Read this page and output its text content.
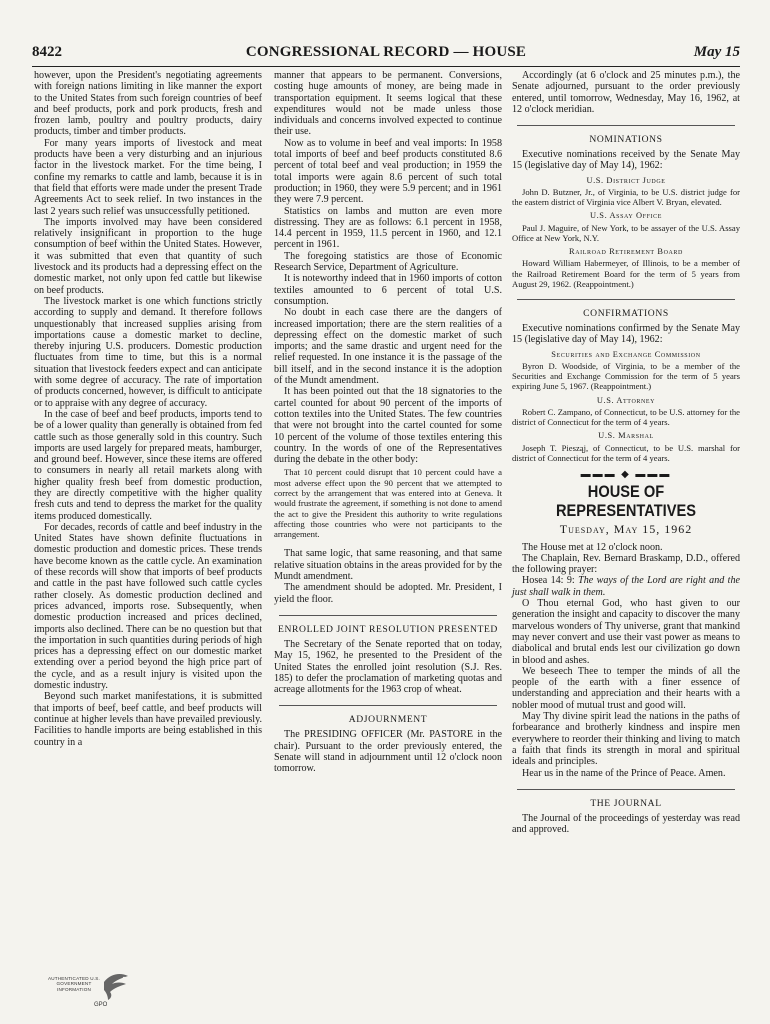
8422	CONGRESSIONAL RECORD — HOUSE	May 15

however, upon the President's negotiating agreements with foreign nations limiting in like manner the export to the United States from such foreign countries of beef and beef products, pork and pork products, fresh and frozen lamb, poultry and poultry products, dairy products, timber and timber products.

For many years imports of livestock and meat products have been a very disturbing and an injurious factor in the livestock market. For the time being, I confine my remarks to cattle and lamb, because it is in that field that efforts were made under the present Trade Agreements Act to seek relief. In two instances in the last 2 years such relief was unsuccessfully petitioned.

The imports involved may have been considered relatively insignificant in proportion to the huge consumption of beef within the United States. However, it was submitted that even that quantity of such livestock and its products had a depressing effect on the domestic market, not only upon fed cattle but likewise on beef products.

The livestock market is one which functions strictly according to supply and demand. It therefore follows unquestionably that increased supplies arising from importations cause a domestic market to decline, thereby injuring U.S. producers. Domestic production fluctuates from time to time, but this is a normal situation that livestock feeders expect and can anticipate with some degree of accuracy. The rate of importation of products concerned, however, is difficult to anticipate or to appraise with any degree of accuracy.

In the case of beef and beef products, imports tend to be of a lower quality than generally is obtained from fed cattle such as those generally sold in this country. Such imports are used largely for prepared meats, hamburger, and ground beef. However, since these items are offered to consumers in nearly all retail markets along with higher quality fresh beef from domestic production, they are directly competitive with the higher quality fresh cuts and tend to depress the market for the quality items produced domestically.

For decades, records of cattle and beef industry in the United States have shown definite fluctuations in domestic production and domestic prices. These trends have become known as the cattle cycle. An examination of these records will show that imports of beef products and cattle in the past have followed such cattle cycles rather closely. As domestic production declined and prices advanced, imports rose. Subsequently, when domestic production increased and prices declined, imports also declined. There can be no question but that the importation in such quantities during periods of high prices has a depressing effect on our domestic market extending over a period beyond the high price part of the cycle, and as a result injury is visited upon the domestic industry.

Beyond such market manifestations, it is submitted that imports of beef, beef cattle, and beef products will continue at higher levels than have prevailed previously. Facilities to handle imports are being established in this country in a

manner that appears to be permanent. Conversions, costing huge amounts of money, are being made in transportation equipment. It seems logical that these expenditures would not be made unless those individuals and concerns involved expected to continue their use.

Now as to volume in beef and veal imports: In 1958 total imports of beef and beef products constituted 8.6 percent of total beef and veal production; in 1959 the total imports were again 8.6 percent of such total production; in 1960, they were 5.9 percent; and in 1961 they were 7.9 percent.

Statistics on lambs and mutton are even more distressing. They are as follows: 6.1 percent in 1958, 14.4 percent in 1959, 11.5 percent in 1960, and 12.1 percent in 1961.

The foregoing statistics are those of Economic Research Service, Department of Agriculture.

It is noteworthy indeed that in 1960 imports of cotton textiles amounted to 6 percent of total U.S. consumption.

No doubt in each case there are the dangers of increased importation; there are the stern realities of a depressing effect on the domestic market of such imports; and the same drastic and urgent need for the relief requested. In one instance it is the passage of the bill itself, and in the second instance it is the adoption of the Mundt amendment.

It has been pointed out that the 18 signatories to the cartel counted for about 90 percent of the imports of cotton textiles into the United States. The few countries that were not brought into the cartel counted for some 10 percent of the volume of those textiles entering this country. In the words of one of the Representatives during the debate in the other body:

That 10 percent could disrupt that 10 percent could have a most adverse effect upon the 90 percent that we attempted to correct by the arrangement that was entered into at Geneva. It would frustrate the agreement, if something is not done to amend the act to give the President this authority to write regulations affecting those countries who were not participants to the arrangement.

That same logic, that same reasoning, and that same relative situation obtains in the areas provided for by the Mundt amendment.

The amendment should be adopted. Mr. President, I yield the floor.

ENROLLED JOINT RESOLUTION PRESENTED

The Secretary of the Senate reported that on today, May 15, 1962, he presented to the President of the United States the enrolled joint resolution (S.J. Res. 185) to defer the proclamation of marketing quotas and acreage allotments for the 1963 crop of wheat.

ADJOURNMENT

The PRESIDING OFFICER (Mr. PASTORE in the chair). Pursuant to the order previously entered, the Senate will stand in adjournment until 12 o'clock noon tomorrow.

Accordingly (at 6 o'clock and 25 minutes p.m.), the Senate adjourned, pursuant to the order previously entered, until tomorrow, Wednesday, May 16, 1962, at 12 o'clock meridian.

NOMINATIONS

Executive nominations received by the Senate May 15 (legislative day of May 14), 1962:

U.S. District Judge

John D. Butzner, Jr., of Virginia, to be U.S. district judge for the eastern district of Virginia vice Albert V. Bryan, elevated.

U.S. Assay Office

Paul J. Maguire, of New York, to be assayer of the U.S. Assay Office at New York, N.Y.

Railroad Retirement Board

Howard William Habermeyer, of Illinois, to be a member of the Railroad Retirement Board for the term of 5 years from August 29, 1962. (Reappointment.)

CONFIRMATIONS

Executive nominations confirmed by the Senate May 15 (legislative day of May 14), 1962:

Securities and Exchange Commission

Byron D. Woodside, of Virginia, to be a member of the Securities and Exchange Commission for the term of 5 years expiring June 5, 1967. (Reappointment.)

U.S. Attorney

Robert C. Zampano, of Connecticut, to be U.S. attorney for the district of Connecticut for the term of 4 years.

U.S. Marshal

Joseph T. Piesząj, of Connecticut, to be U.S. marshal for district of Connecticut for the term of 4 years.

▬▬▬ ◆ ▬▬▬
HOUSE OF REPRESENTATIVES
Tuesday, May 15, 1962

The House met at 12 o'clock noon.

The Chaplain, Rev. Bernard Braskamp, D.D., offered the following prayer:

Hosea 14: 9: The ways of the Lord are right and the just shall walk in them.

O Thou eternal God, who hast given to our generation the insight and capacity to discover the many marvelous wonders of Thy universe, grant that mankind may never convert and use their vast power as means to diabolical and brutal ends lest our civilization go down in blood and ashes.

We beseech Thee to temper the minds of all the people of the earth with a finer essence of understanding and appreciation and their hearts with a nobler mood of mutual trust and good will.

May Thy divine spirit lead the nations in the paths of forbearance and brotherly kindness and inspire men everywhere to reorder their thinking and living to match a faith that finds its strength in moral and spiritual ideals and principles.

Hear us in the name of the Prince of Peace. Amen.

THE JOURNAL

The Journal of the proceedings of yesterday was read and approved.

AUTHENTICATED U.S. GOVERNMENT INFORMATION
GPO
